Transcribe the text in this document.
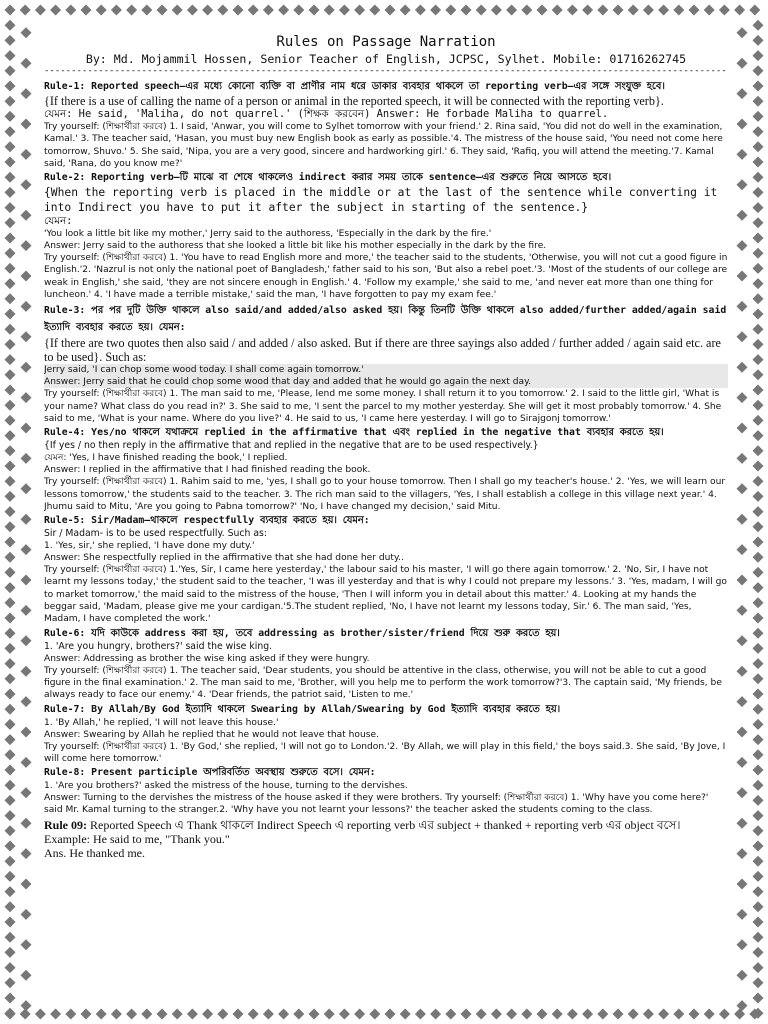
Rules on Passage Narration
By: Md. Mojammil Hossen, Senior Teacher of English, JCPSC, Sylhet. Mobile: 01716262745
------------------------------------------------------------------------------------------------------------------------------
Rule-1: Reported speech–এর মধ্যে কোনো ব্যক্তি বা প্রাণীর নাম ধরে ডাকার ব্যবহার থাকলে তা reporting verb–এর সঙ্গে সংযুক্ত হবে।
{If there is a use of calling the name of a person or animal in the reported speech, it will be connected with the reporting verb}.
যেমন: He said, 'Maliha, do not quarrel.' (শিক্ষক করবেন) Answer: He forbade Maliha to quarrel.
Try yourself: (শিক্ষার্থীরা করবে) 1. I said, 'Anwar, you will come to Sylhet tomorrow with your friend.' 2. Rina said, 'You did not do well in the examination, Kamal.' 3. The teacher said, 'Hasan, you must buy new English book as early as possible.'4. The mistress of the house said, 'You need not come here tomorrow, Shuvo.' 5. She said, 'Nipa, you are a very good, sincere and hardworking girl.' 6. They said, 'Rafiq, you will attend the meeting.'7. Kamal said, 'Rana, do you know me?'
Rule-2: Reporting verb–টি মাঝে বা শেষে থাকলেও indirect করার সময় তাকে sentence–এর শুরুতে নিয়ে আসতে হবে।
{When the reporting verb is placed in the middle or at the last of the sentence while converting it into Indirect you have to put it after the subject in starting of the sentence.}
যেমন:
'You look a little bit like my mother,' Jerry said to the authoress, 'Especially in the dark by the fire.'
Answer: Jerry said to the authoress that she looked a little bit like his mother especially in the dark by the fire.
Try yourself: (শিক্ষার্থীরা করবে) 1. 'You have to read English more and more,' the teacher said to the students, 'Otherwise, you will not cut a good figure in English.'2. 'Nazrul is not only the national poet of Bangladesh,' father said to his son, 'But also a rebel poet.'3. 'Most of the students of our college are weak in English,' she said, 'they are not sincere enough in English.' 4. 'Follow my example,' she said to me, 'and never eat more than one thing for luncheon.' 4. 'I have made a terrible mistake,' said the man, 'I have forgotten to pay my exam fee.'
Rule-3: পর পর দুটি উক্তি থাকলে also said/and added/also asked হয়। কিন্তু তিনটি উক্তি থাকলে also added/further added/again said ইত্যাদি ব্যবহার করতে হয়। যেমন:
{If there are two quotes then also said / and added / also asked. But if there are three sayings also added / further added / again said etc. are to be used}. Such as:
Jerry said, 'I can chop some wood today. I shall come again tomorrow.'
Answer: Jerry said that he could chop some wood that day and added that he would go again the next day.
Try yourself: (শিক্ষার্থীরা করবে) 1. The man said to me, 'Please, lend me some money. I shall return it to you tomorrow.' 2. I said to the little girl, 'What is your name? What class do you read in?' 3. She said to me, 'I sent the parcel to my mother yesterday. She will get it most probably tomorrow.' 4. She said to me, 'What is your name. Where do you live?' 4. He said to us, 'I came here yesterday. I will go to Sirajgonj tomorrow.'
Rule-4: Yes/no থাকলে যথাক্রমে replied in the affirmative that এবং replied in the negative that ব্যবহার করতে হয়।
{If yes / no then reply in the affirmative that and replied in the negative that are to be used respectively.}
যেমন: 'Yes, I have finished reading the book,' I replied.
Answer: I replied in the affirmative that I had finished reading the book.
Try yourself: (শিক্ষার্থীরা করবে) 1. Rahim said to me, 'yes, I shall go to your house tomorrow. Then I shall go my teacher's house.' 2. 'Yes, we will learn our lessons tomorrow,' the students said to the teacher. 3. The rich man said to the villagers, 'Yes, I shall establish a college in this village next year.' 4. Jhumu said to Mitu, 'Are you going to Pabna tomorrow?' 'No, I have changed my decision,' said Mitu.
Rule-5: Sir/Madam–থাকলে respectfully ব্যবহার করতে হয়। যেমন:
Sir / Madam- is to be used respectfully. Such as:
1. 'Yes, sir,' she replied, 'I have done my duty.'
Answer: She respectfully replied in the affirmative that she had done her duty..
Try yourself: (শিক্ষার্থীরা করবে) 1.'Yes, Sir, I came here yesterday,' the labour said to his master, 'I will go there again tomorrow.' 2. 'No, Sir, I have not learnt my lessons today,' the student said to the teacher, 'I was ill yesterday and that is why I could not prepare my lessons.' 3. 'Yes, madam, I will go to market tomorrow,' the maid said to the mistress of the house, 'Then I will inform you in detail about this matter.' 4. Looking at my hands the beggar said, 'Madam, please give me your cardigan.'5.The student replied, 'No, I have not learnt my lessons today, Sir.' 6. The man said, 'Yes, Madam, I have completed the work.'
Rule-6: যদি কাউকে address করা হয়, তবে addressing as brother/sister/friend দিয়ে শুরু করতে হয়।
1. 'Are you hungry, brothers?' said the wise king.
Answer: Addressing as brother the wise king asked if they were hungry.
Try yourself: (শিক্ষার্থীরা করবে) 1. The teacher said, 'Dear students, you should be attentive in the class, otherwise, you will not be able to cut a good figure in the final examination.' 2. The man said to me, 'Brother, will you help me to perform the work tomorrow?'3. The captain said, 'My friends, be always ready to face our enemy.' 4. 'Dear friends, the patriot said, 'Listen to me.'
Rule-7: By Allah/By God ইত্যাদি থাকলে Swearing by Allah/Swearing by God ইত্যাদি ব্যবহার করতে হয়।
1. 'By Allah,' he replied, 'I will not leave this house.'
Answer: Swearing by Allah he replied that he would not leave that house.
Try yourself: (শিক্ষার্থীরা করবে) 1. 'By God,' she replied, 'I will not go to London.'2. 'By Allah, we will play in this field,' the boys said.3. She said, 'By Jove, I will come here tomorrow.'
Rule-8: Present participle অপরিবর্তিত অবস্থায় শুরুতে বসে। যেমন:
1. 'Are you brothers?' asked the mistress of the house, turning to the dervishes.
Answer: Turning to the dervishes the mistress of the house asked if they were brothers. Try yourself: (শিক্ষার্থীরা করবে) 1. 'Why have you come here?' said Mr. Kamal turning to the stranger.2. 'Why have you not learnt your lessons?' the teacher asked the students coming to the class.
Rule 09: Reported Speech এ Thank থাকলে Indirect Speech এ reporting verb এর subject + thanked + reporting verb এর object বসে। Example: He said to me, "Thank you."
Ans. He thanked me.
